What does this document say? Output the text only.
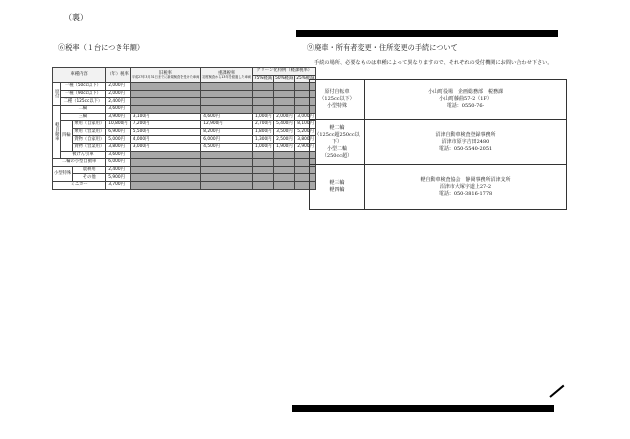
（裏）
⑥税率（１台につき年額）
車種内容			（年）税率	旧税率
平成27年3月31日までに新規検査を受けた車両	重課税率
初度検査から13年を経過した車両	グリーン化特例（軽課税率）		
						75%軽減	50%軽減	25%軽減
原付	一種（50cc以下）		2,000円					
	一種（90cc以下）		2,000円					
	二種（125cc以下）		2,400円					
軽自動車	二輪		3,600円					
	三輪		3,900円	3,100円	4,600円	1,000円	2,000円	3,000円
	四輪	乗用（自家用）	10,800円	7,200円	12,900円	2,700円	5,400円	8,100円
		乗用（営業用）	6,900円	5,500円	8,200円	1,800円	3,500円	5,200円
		貨物（自家用）	5,000円	4,000円	6,000円	1,300円	2,500円	3,800円
		貨物（営業用）	3,800円	3,000円	4,500円	1,000円	1,900円	2,900円
	被けん引車		3,600円					
二輪の小型自動車			6,000円					
小型特殊		農耕用	2,400円					
		その他	5,900円					
ミニカー			3,700円					
⑨廃車・所有者変更・住所変更の手続について
手続の場所、必要なものは車種によって異なりますので、それぞれの受付機関にお問い合わせ下さい。
原付自転車
（125cc以下）
小型特殊	小山町役場　企画総務部　税務課
小山町藤曲57-2（1F）
電話：0550-76-

軽二輪
（125cc超250cc以下）
小型二輪
（250cc超）	沼津自動車検査登録事務所
沼津市原字吉田2480
電話：050-5540-2051

軽三輪
軽四輪	軽自動車検査協会　静岡事務所沼津支所
沼津市大塚字道上27-2
電話：050-3816-1778
